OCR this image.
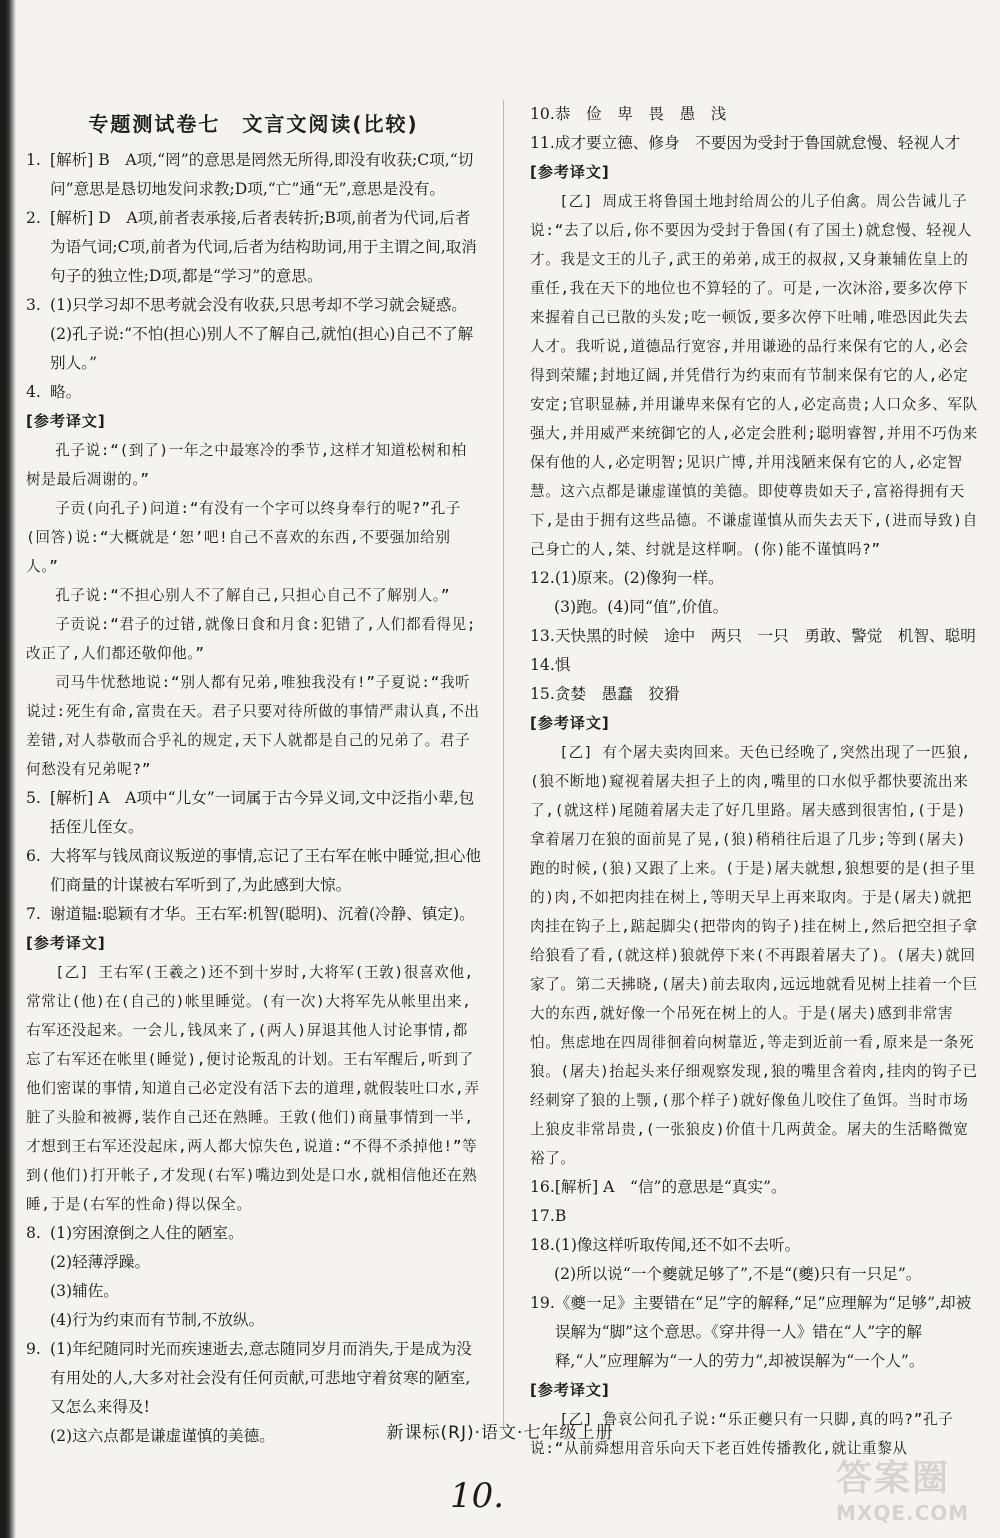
专题测试卷七　文言文阅读(比较)
1. [解析] B　A项,“罔”的意思是罔然无所得,即没有收获;C项,“切问”意思是恳切地发问求教;D项,“亡”通“无”,意思是没有。
2. [解析] D　A项,前者表承接,后者表转折;B项,前者为代词,后者为语气词;C项,前者为代词,后者为结构助词,用于主谓之间,取消句子的独立性;D项,都是“学习”的意思。
3. (1)只学习却不思考就会没有收获,只思考却不学习就会疑惑。
(2)孔子说:“不怕(担心)别人不了解自己,就怕(担心)自己不了解别人。”
4. 略。
[参考译文]
孔子说:“(到了)一年之中最寒冷的季节,这样才知道松树和柏树是最后凋谢的。”
子贡(向孔子)问道:“有没有一个字可以终身奉行的呢?”孔子(回答)说:“大概就是‘恕’吧!自己不喜欢的东西,不要强加给别人。”
孔子说:“不担心别人不了解自己,只担心自己不了解别人。”
子贡说:“君子的过错,就像日食和月食:犯错了,人们都看得见;改正了,人们都还敬仰他。”
司马牛忧愁地说:“别人都有兄弟,唯独我没有!”子夏说:“我听说过:死生有命,富贵在天。君子只要对待所做的事情严肃认真,不出差错,对人恭敬而合乎礼的规定,天下人就都是自己的兄弟了。君子何愁没有兄弟呢?”
5. [解析] A　A项中“儿女”一词属于古今异义词,文中泛指小辈,包括侄儿侄女。
6. 大将军与钱凤商议叛逆的事情,忘记了王右军在帐中睡觉,担心他们商量的计谋被右军听到了,为此感到大惊。
7. 谢道韫:聪颖有才华。王右军:机智(聪明)、沉着(冷静、镇定)。
[参考译文]
[乙] 王右军(王羲之)还不到十岁时,大将军(王敦)很喜欢他,常常让(他)在(自己的)帐里睡觉。(有一次)大将军先从帐里出来,右军还没起来。一会儿,钱凤来了,(两人)屏退其他人讨论事情,都忘了右军还在帐里(睡觉),便讨论叛乱的计划。王右军醒后,听到了他们密谋的事情,知道自己必定没有活下去的道理,就假装吐口水,弄脏了头脸和被褥,装作自己还在熟睡。王敦(他们)商量事情到一半,才想到王右军还没起床,两人都大惊失色,说道:“不得不杀掉他!”等到(他们)打开帐子,才发现(右军)嘴边到处是口水,就相信他还在熟睡,于是(右军的性命)得以保全。
8. (1)穷困潦倒之人住的陋室。
(2)轻薄浮躁。
(3)辅佐。
(4)行为约束而有节制,不放纵。
9. (1)年纪随同时光而疾速逝去,意志随同岁月而消失,于是成为没有用处的人,大多对社会没有任何贡献,可悲地守着贫寒的陋室,又怎么来得及!
(2)这六点都是谦虚谨慎的美德。
10. 恭　俭　卑　畏　愚　浅
11. 成才要立德、修身　不要因为受封于鲁国就怠慢、轻视人才
[参考译文]
[乙] 周成王将鲁国土地封给周公的儿子伯禽。周公告诫儿子说:“去了以后,你不要因为受封于鲁国(有了国土)就怠慢、轻视人才。我是文王的儿子,武王的弟弟,成王的叔叔,又身兼辅佐皇上的重任,我在天下的地位也不算轻的了。可是,一次沐浴,要多次停下来握着自己已散的头发;吃一顿饭,要多次停下吐哺,唯恐因此失去人才。我听说,道德品行宽容,并用谦逊的品行来保有它的人,必会得到荣耀;封地辽阔,并凭借行为约束而有节制来保有它的人,必定安定;官职显赫,并用谦卑来保有它的人,必定高贵;人口众多、军队强大,并用威严来统御它的人,必定会胜利;聪明睿智,并用不巧伪来保有他的人,必定明智;见识广博,并用浅陋来保有它的人,必定智慧。这六点都是谦虚谨慎的美德。即使尊贵如天子,富裕得拥有天下,是由于拥有这些品德。不谦虚谨慎从而失去天下,(进而导致)自己身亡的人,桀、纣就是这样啊。(你)能不谨慎吗?”
12. (1)原来。(2)像狗一样。
(3)跑。(4)同“值”,价值。
13. 天快黑的时候　途中　两只　一只　勇敢、警觉　机智、聪明
14. 惧
15. 贪婪　愚蠢　狡猾
[参考译文]
[乙] 有个屠夫卖肉回来。天色已经晚了,突然出现了一匹狼,(狼不断地)窥视着屠夫担子上的肉,嘴里的口水似乎都快要流出来了,(就这样)尾随着屠夫走了好几里路。屠夫感到很害怕,(于是)拿着屠刀在狼的面前晃了晃,(狼)稍稍往后退了几步;等到(屠夫)跑的时候,(狼)又跟了上来。(于是)屠夫就想,狼想要的是(担子里的)肉,不如把肉挂在树上,等明天早上再来取肉。于是(屠夫)就把肉挂在钩子上,踮起脚尖(把带肉的钩子)挂在树上,然后把空担子拿给狼看了看,(就这样)狼就停下来(不再跟着屠夫了)。(屠夫)就回家了。第二天拂晓,(屠夫)前去取肉,远远地就看见树上挂着一个巨大的东西,就好像一个吊死在树上的人。于是(屠夫)感到非常害怕。焦虑地在四周徘徊着向树靠近,等走到近前一看,原来是一条死狼。(屠夫)抬起头来仔细观察发现,狼的嘴里含着肉,挂肉的钩子已经刺穿了狼的上颚,(那个样子)就好像鱼儿咬住了鱼饵。当时市场上狼皮非常昂贵,(一张狼皮)价值十几两黄金。屠夫的生活略微宽裕了。
16. [解析] A　“信”的意思是“真实”。
17. B
18. (1)像这样听取传闻,还不如不去听。
(2)所以说“一个夔就足够了”,不是“(夔)只有一只足”。
19. 《夔一足》主要错在“足”字的解释,“足”应理解为“足够”,却被误解为“脚”这个意思。《穿井得一人》错在“人”字的解释,“人”应理解为“一人的劳力”,却被误解为“一个人”。
[参考译文]
[乙] 鲁哀公问孔子说:“乐正夔只有一只脚,真的吗?”孔子说:“从前舜想用音乐向天下老百姓传播教化,就让重黎从
新课标(RJ)·语文·七年级上册
10.	答案圈
MXQE.COM
